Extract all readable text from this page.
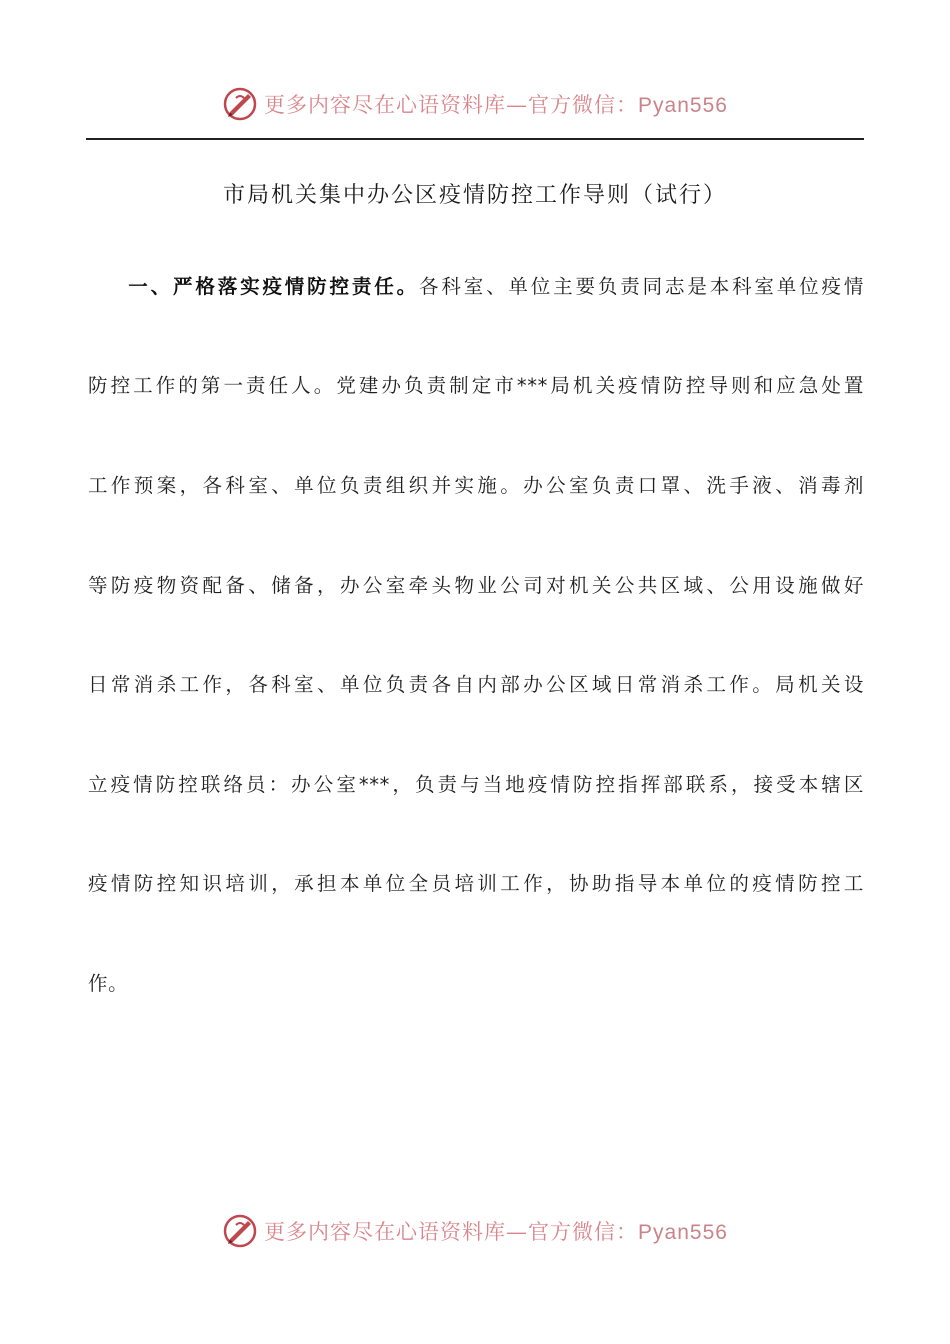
更多内容尽在心语资料库—官方微信：Pyan556
市局机关集中办公区疫情防控工作导则（试行）
一、严格落实疫情防控责任。各科室、单位主要负责同志是本科室单位疫情
防控工作的第一责任人。党建办负责制定市***局机关疫情防控导则和应急处置
工作预案，各科室、单位负责组织并实施。办公室负责口罩、洗手液、消毒剂
等防疫物资配备、储备，办公室牵头物业公司对机关公共区域、公用设施做好
日常消杀工作，各科室、单位负责各自内部办公区域日常消杀工作。局机关设
立疫情防控联络员：办公室***，负责与当地疫情防控指挥部联系，接受本辖区
疫情防控知识培训，承担本单位全员培训工作，协助指导本单位的疫情防控工
作。
更多内容尽在心语资料库—官方微信：Pyan556
